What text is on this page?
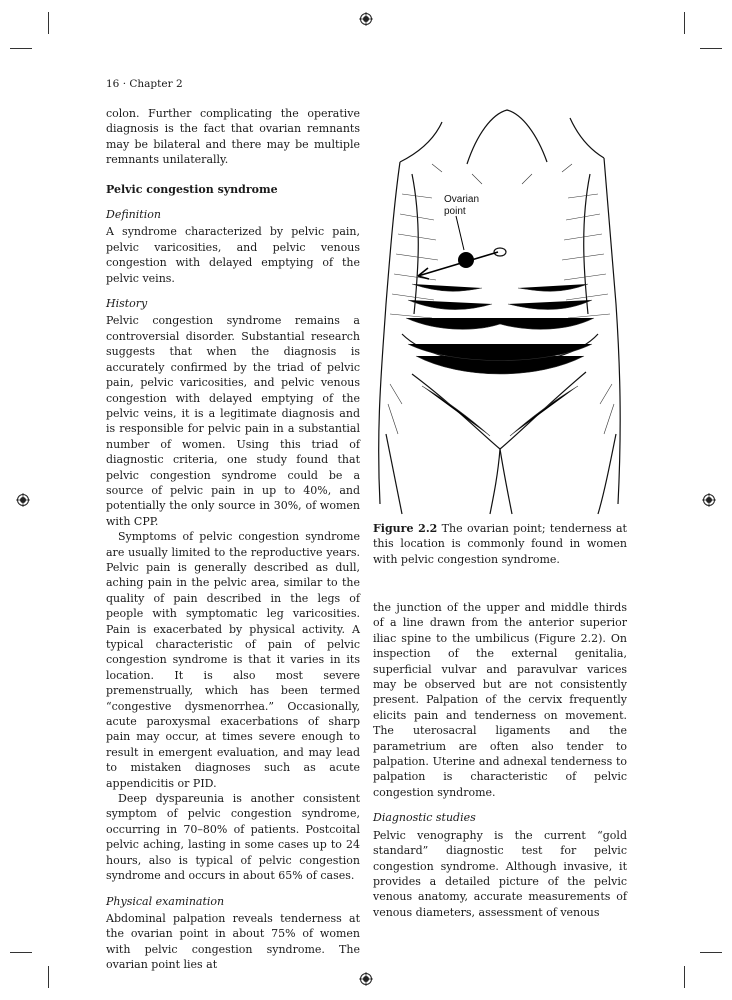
16 · Chapter 2

colon. Further complicating the operative diagnosis is the fact that ovarian remnants may be bilateral and there may be multiple remnants unilaterally.

Pelvic congestion syndrome
Definition

A syndrome characterized by pelvic pain, pelvic varicosities, and pelvic venous congestion with delayed emptying of the pelvic veins.

History

Pelvic congestion syndrome remains a controversial disorder. Substantial research suggests that when the diagnosis is accurately confirmed by the triad of pelvic pain, pelvic varicosities, and pelvic venous congestion with delayed emptying of the pelvic veins, it is a legitimate diagnosis and is responsible for pelvic pain in a substantial number of women. Using this triad of diagnostic criteria, one study found that pelvic congestion syndrome could be a source of pelvic pain in up to 40%, and potentially the only source in 30%, of women with CPP.

Symptoms of pelvic congestion syndrome are usually limited to the reproductive years. Pelvic pain is generally described as dull, aching pain in the pelvic area, similar to the quality of pain described in the legs of people with symptomatic leg varicosities. Pain is exacerbated by physical activity. A typical characteristic of pain of pelvic congestion syndrome is that it varies in its location. It is also most severe premenstrually, which has been termed “congestive dysmenorrhea.” Occasionally, acute paroxysmal exacerbations of sharp pain may occur, at times severe enough to result in emergent evaluation, and may lead to mistaken diagnoses such as acute appendicitis or PID.

Deep dyspareunia is another consistent symptom of pelvic congestion syndrome, occurring in 70–80% of patients. Postcoital pelvic aching, lasting in some cases up to 24 hours, also is typical of pelvic congestion syndrome and occurs in about 65% of cases.

Physical examination

Abdominal palpation reveals tenderness at the ovarian point in about 75% of women with pelvic congestion syndrome. The ovarian point lies at

Ovarian
point
Figure 2.2 The ovarian point; tenderness at this location is commonly found in women with pelvic congestion syndrome.

the junction of the upper and middle thirds of a line drawn from the anterior superior iliac spine to the umbilicus (Figure 2.2). On inspection of the external genitalia, superficial vulvar and paravulvar varices may be observed but are not consistently present. Palpation of the cervix frequently elicits pain and tenderness on movement. The uterosacral ligaments and the parametrium are often also tender to palpation. Uterine and adnexal tenderness to palpation is characteristic of pelvic congestion syndrome.

Diagnostic studies

Pelvic venography is the current “gold standard” diagnostic test for pelvic congestion syndrome. Although invasive, it provides a detailed picture of the pelvic venous anatomy, accurate measurements of venous diameters, assessment of venous
